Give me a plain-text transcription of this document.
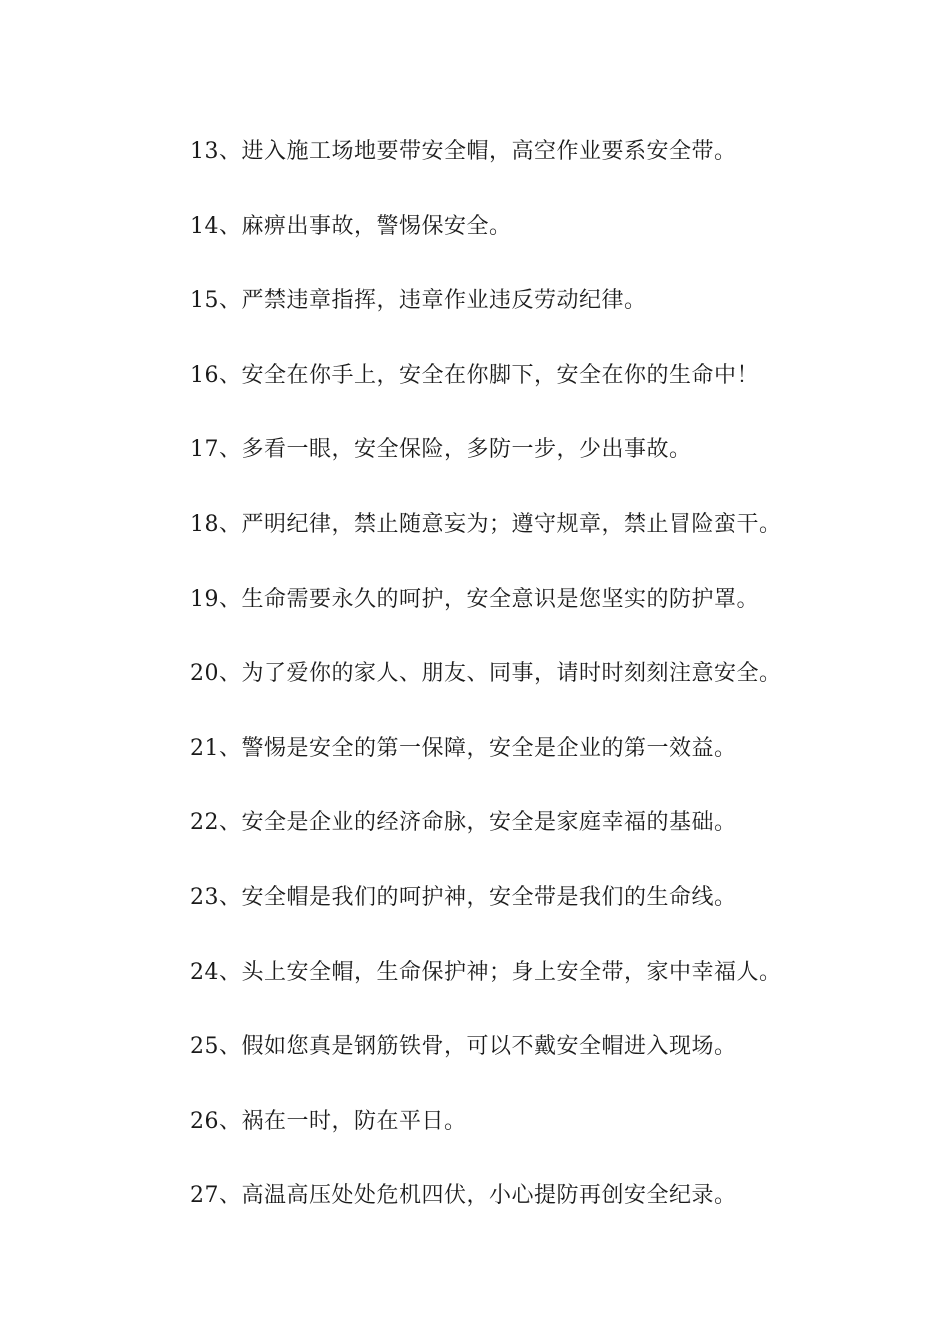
13、进入施工场地要带安全帽，高空作业要系安全带。
14、麻痹出事故，警惕保安全。
15、严禁违章指挥，违章作业违反劳动纪律。
16、安全在你手上，安全在你脚下，安全在你的生命中！
17、多看一眼，安全保险，多防一步，少出事故。
18、严明纪律，禁止随意妄为；遵守规章，禁止冒险蛮干。
19、生命需要永久的呵护，安全意识是您坚实的防护罩。
20、为了爱你的家人、朋友、同事，请时时刻刻注意安全。
21、警惕是安全的第一保障，安全是企业的第一效益。
22、安全是企业的经济命脉，安全是家庭幸福的基础。
23、安全帽是我们的呵护神，安全带是我们的生命线。
24、头上安全帽，生命保护神；身上安全带，家中幸福人。
25、假如您真是钢筋铁骨，可以不戴安全帽进入现场。
26、祸在一时，防在平日。
27、高温高压处处危机四伏，小心提防再创安全纪录。
